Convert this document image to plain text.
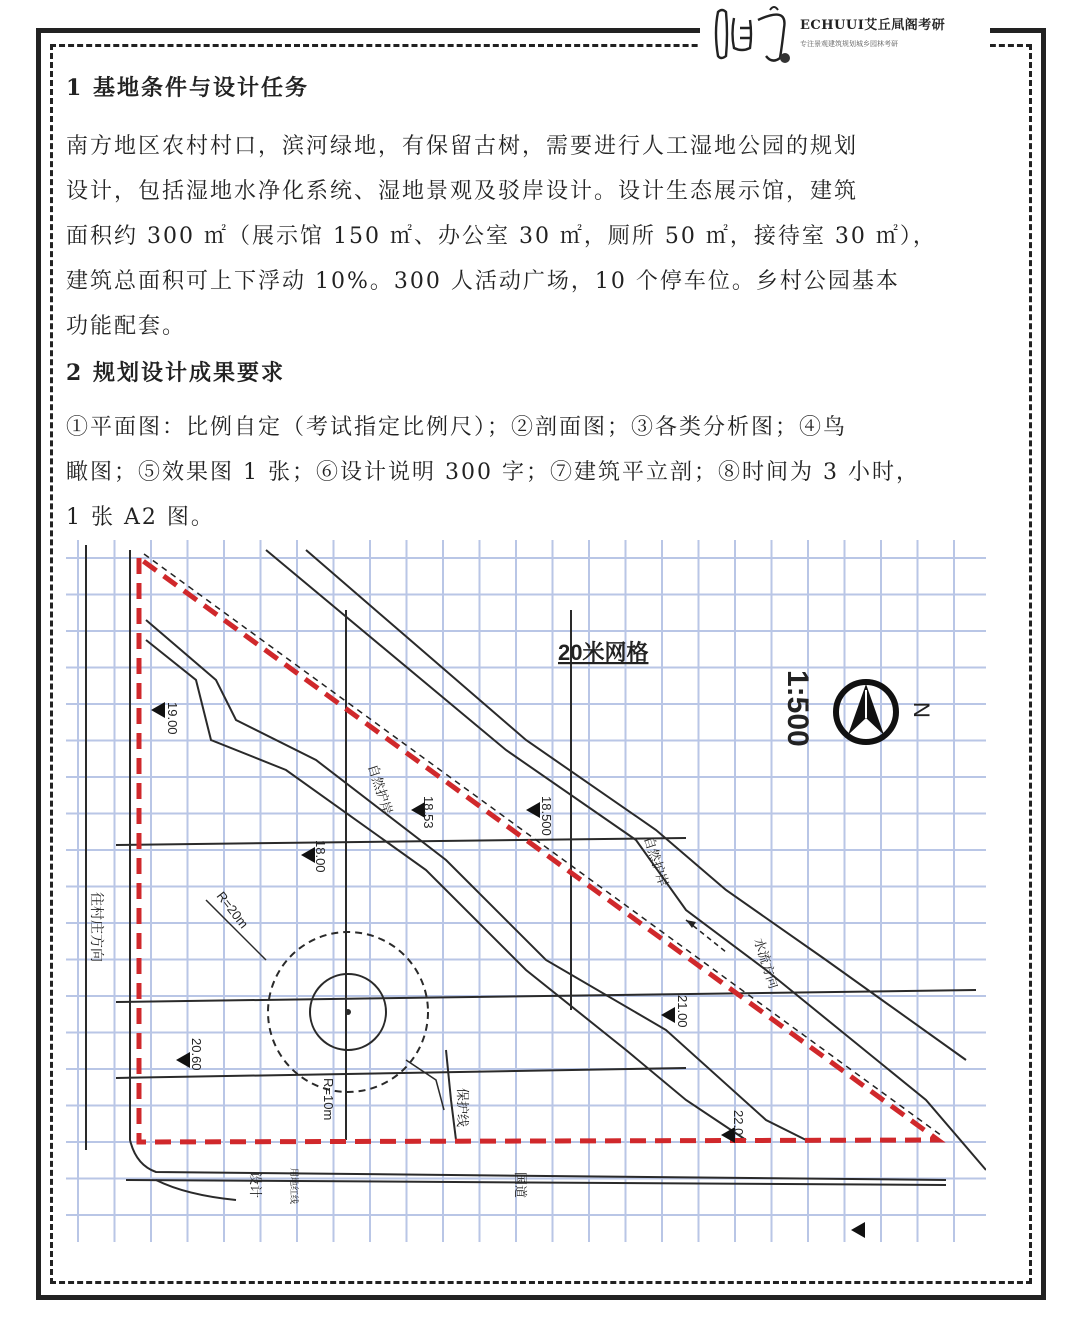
ECHUUI艾丘凬阁考研
专注景观建筑规划城乡园林考研
1 基地条件与设计任务

南方地区农村村口，滨河绿地，有保留古树，需要进行人工湿地公园的规划

设计，包括湿地水净化系统、湿地景观及驳岸设计。设计生态展示馆，建筑

面积约 300 ㎡（展示馆 150 ㎡、办公室 30 ㎡，厕所 50 ㎡，接待室 30 ㎡），

建筑总面积可上下浮动 10%。300 人活动广场，10 个停车位。乡村公园基本

功能配套。

2 规划设计成果要求

①平面图：比例自定（考试指定比例尺）；②剖面图；③各类分析图；④鸟

瞰图；⑤效果图 1 张；⑥设计说明 300 字；⑦建筑平立剖；⑧时间为 3 小时，

1 张 A2 图。

20米网格
1:500	N
19.00
18.53	18.500
18.00
21.00
20.60
22.0
自然护岸
自然护岸
水流方向
往村庄方向	R=20m
R=10m	保护线
设计	国道
用地红线
